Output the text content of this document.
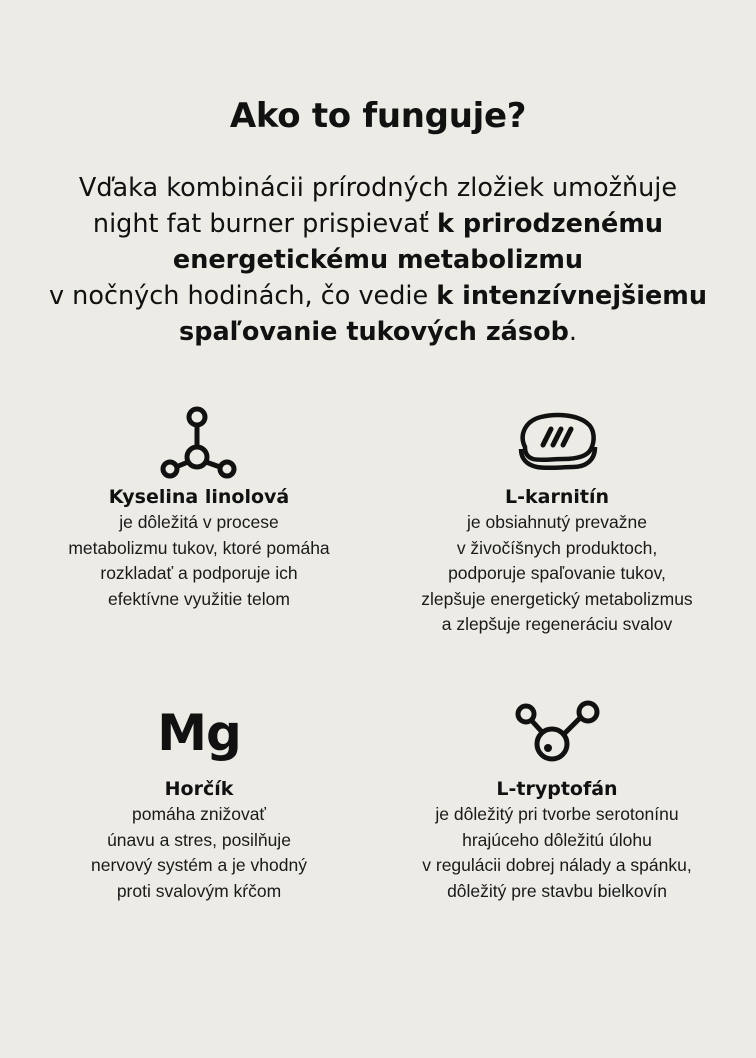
Ako to funguje?
Vďaka kombinácii prírodných zložiek umožňuje
night fat burner prispievať k prirodzenému
energetickému metabolizmu
v nočných hodinách, čo vedie k intenzívnejšiemu
spaľovanie tukových zásob.
Kyselina linolová

je dôležitá v procese
metabolizmu tukov, ktoré pomáha
rozkladať a podporuje ich
efektívne využitie telom

L-karnitín

je obsiahnutý prevažne
v živočíšnych produktoch,
podporuje spaľovanie tukov,
zlepšuje energetický metabolizmus
a zlepšuje regeneráciu svalov

Mg
Horčík

pomáha znižovať
únavu a stres, posilňuje
nervový systém a je vhodný
proti svalovým kŕčom

L-tryptofán

je dôležitý pri tvorbe serotonínu
hrajúceho dôležitú úlohu
v regulácii dobrej nálady a spánku,
dôležitý pre stavbu bielkovín
